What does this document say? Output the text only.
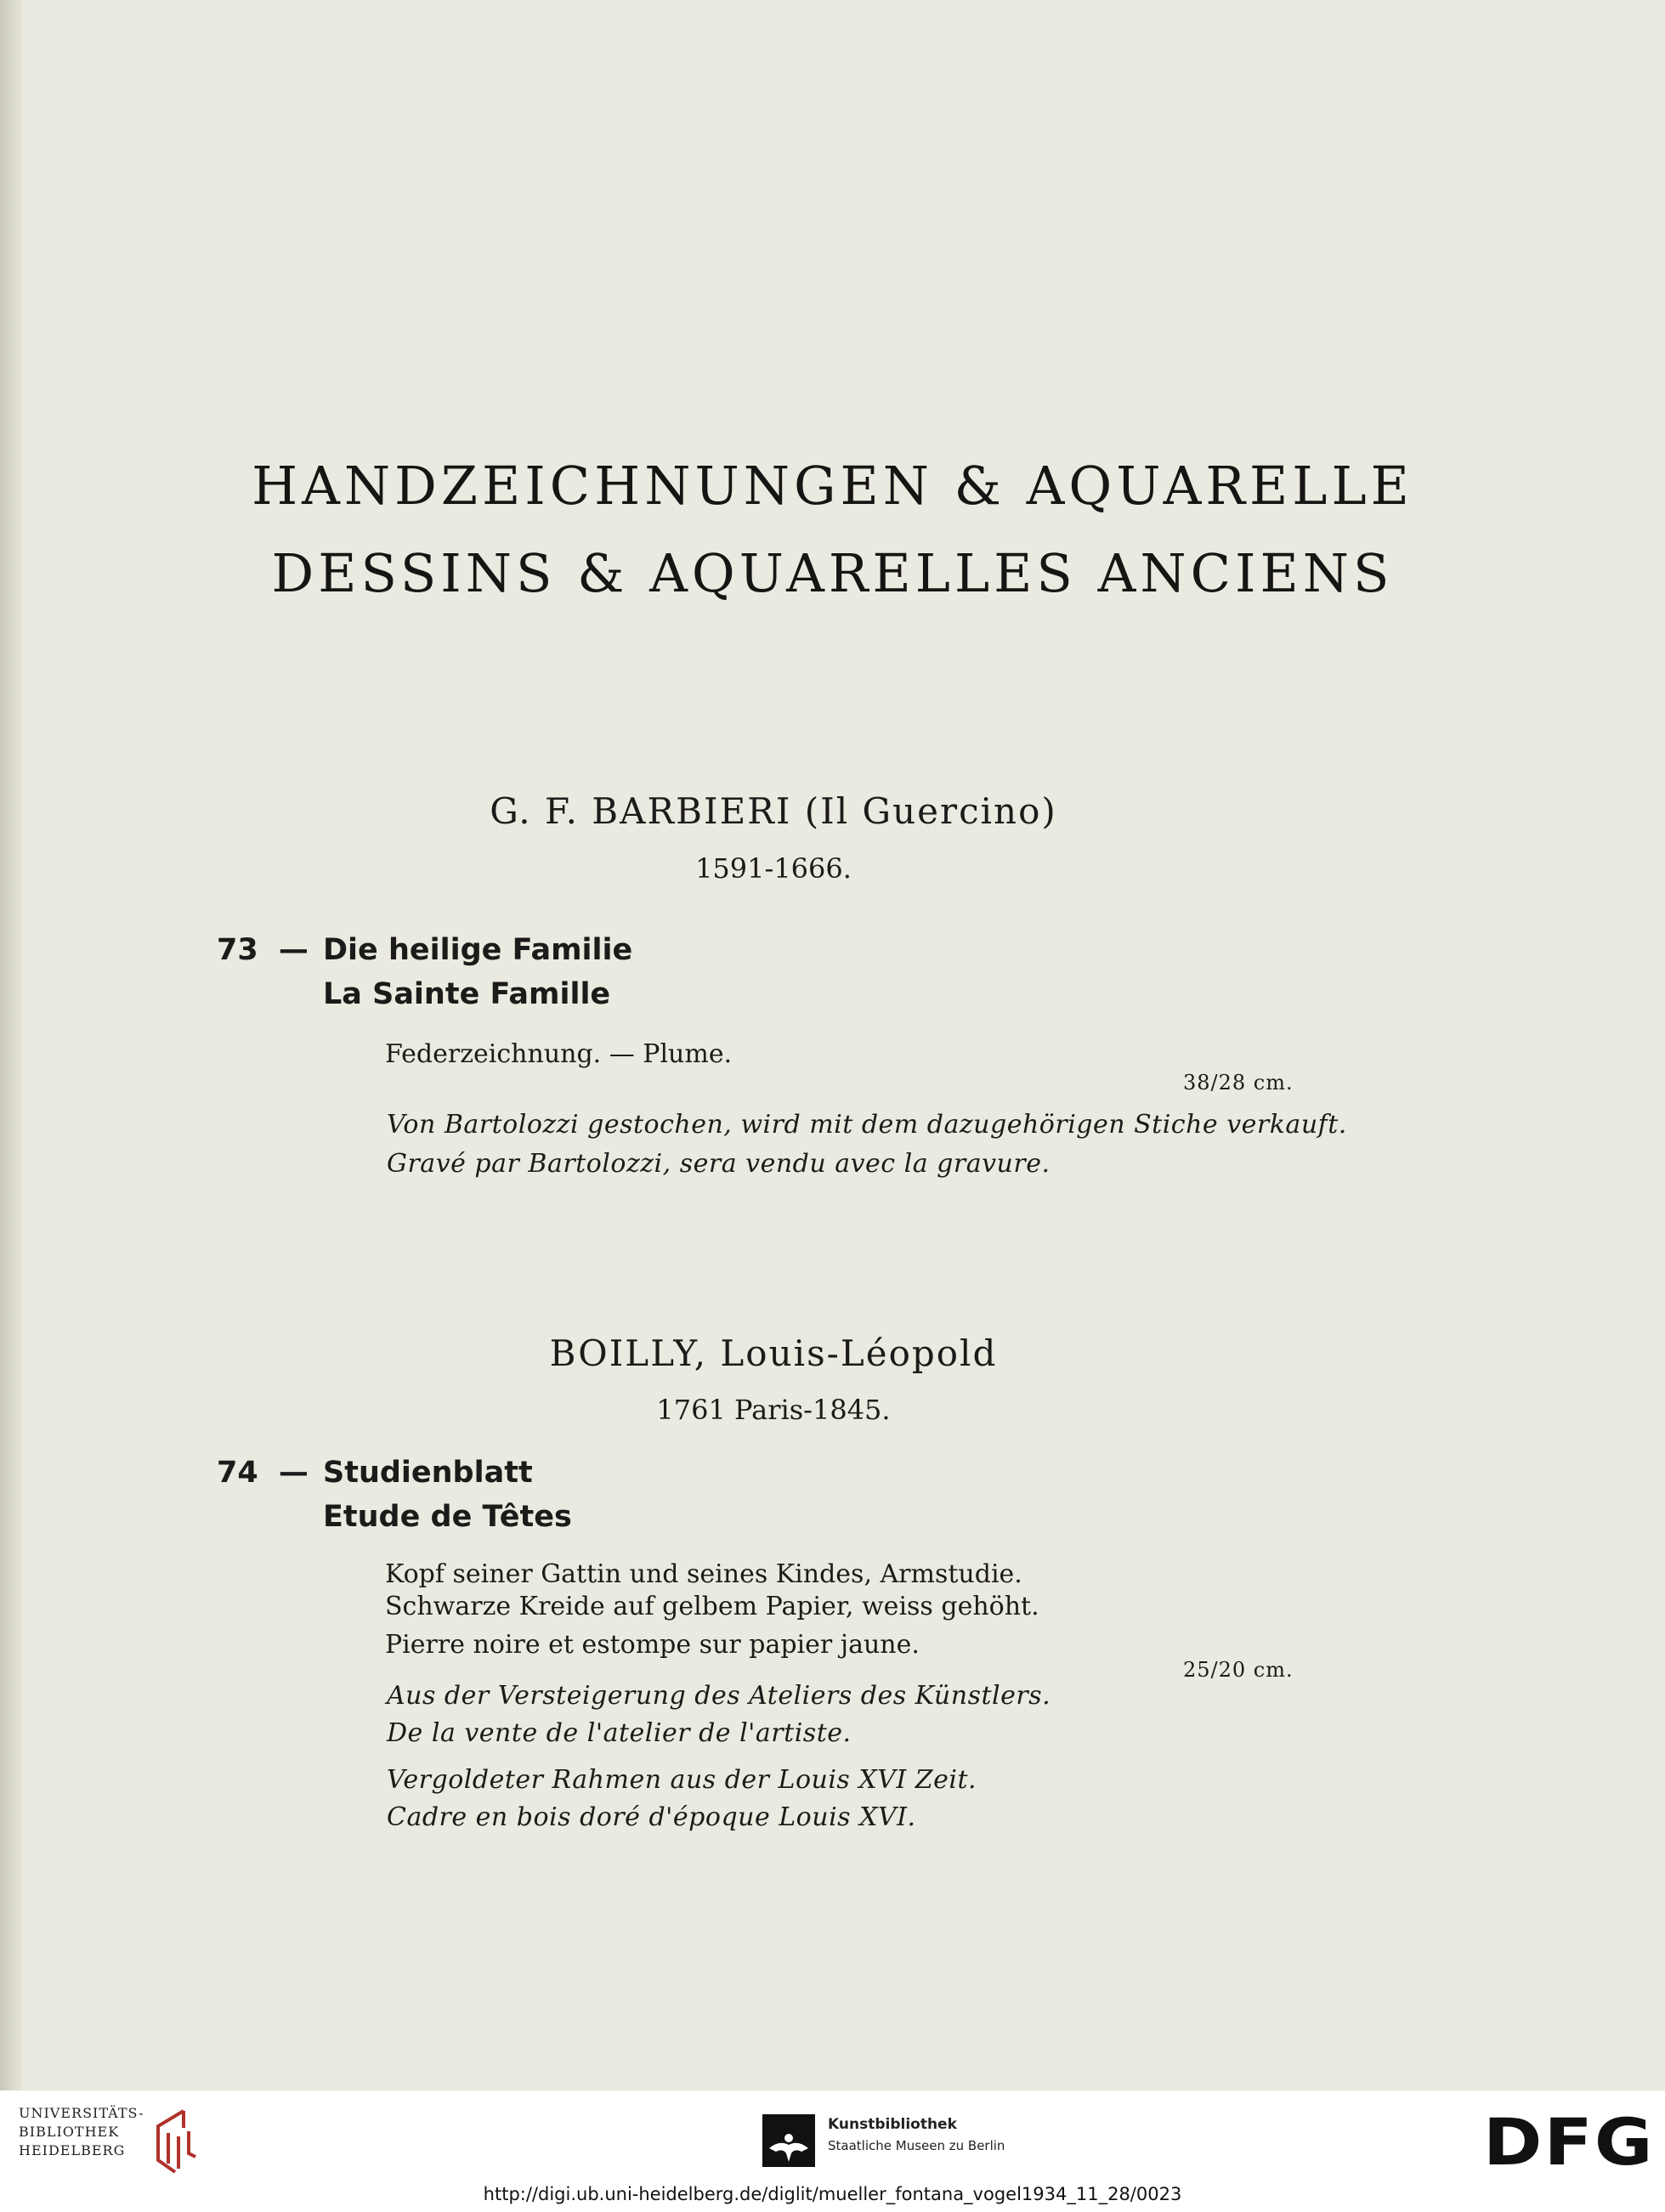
HANDZEICHNUNGEN & AQUARELLE
DESSINS & AQUARELLES ANCIENS
G. F. BARBIERI (Il Guercino)
1591-1666.
73 — Die heilige Familie
La Sainte Famille
Federzeichnung. — Plume.
38/28 cm.
Von Bartolozzi gestochen, wird mit dem dazugehörigen Stiche verkauft.
Gravé par Bartolozzi, sera vendu avec la gravure.
BOILLY, Louis-Léopold
1761 Paris-1845.
74 — Studienblatt
Etude de Têtes
Kopf seiner Gattin und seines Kindes, Armstudie.
Schwarze Kreide auf gelbem Papier, weiss gehöht.
Pierre noire et estompe sur papier jaune.
25/20 cm.
Aus der Versteigerung des Ateliers des Künstlers.
De la vente de l'atelier de l'artiste.
Vergoldeter Rahmen aus der Louis XVI Zeit.
Cadre en bois doré d'époque Louis XVI.
UNIVERSITÄTS-
BIBLIOTHEK
HEIDELBERG
Kunstbibliothek
Staatliche Museen zu Berlin	DFG
http://digi.ub.uni-heidelberg.de/diglit/mueller_fontana_vogel1934_11_28/0023
